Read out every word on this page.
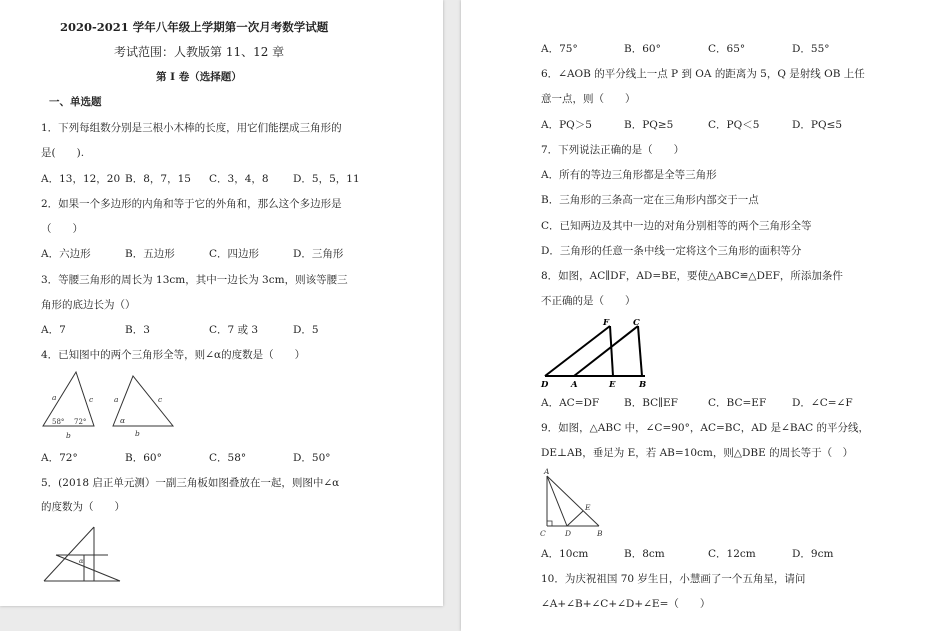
2020-2021 学年八年级上学期第一次月考数学试题
考试范围：人教版第 11、12 章
第 I 卷（选择题）
一、单选题
1．下列每组数分别是三根小木棒的长度，用它们能摆成三角形的
是(　　).
A．13，12，20 B．8，7，15 C．3，4，8 D．5，5，11
2．如果一个多边形的内角和等于它的外角和，那么这个多边形是
（　　）
A．六边形	B．五边形	C．四边形	D．三角形
3．等腰三角形的周长为 13cm，其中一边长为 3cm，则该等腰三
角形的底边长为（）
A．7	B．3	C．7 或 3	D．5
4．已知图中的两个三角形全等，则∠α的度数是（　　）
a	c
b
58° 72°
a
α
c
b
A．72°	B．60°	C．58°	D．50°
5．(2018 启正单元测）一副三角板如图叠放在一起，则图中∠α
的度数为（　　）
α
A．75°	B．60°	C．65°	D．55°
6．∠AOB 的平分线上一点 P 到 OA 的距离为 5，Q 是射线 OB 上任
意一点，则（　　）
A．PQ＞5	B．PQ≥5	C．PQ＜5	D．PQ≤5
7．下列说法正确的是（　　）
A．所有的等边三角形都是全等三角形
B．三角形的三条高一定在三角形内部交于一点
C．已知两边及其中一边的对角分别相等的两个三角形全等
D．三角形的任意一条中线一定将这个三角形的面积等分
8．如图，AC∥DF，AD=BE，要使△ABC≌△DEF，所添加条件
不正确的是（　　）
F	C
D	A	E	B
A．AC=DF B．BC∥EF	C．BC=EF D．∠C=∠F
9．如图，△ABC 中，∠C=90°，AC=BC，AD 是∠BAC 的平分线，
DE⊥AB，垂足为 E，若 AB=10cm，则△DBE 的周长等于（　）
A
C	D
E
B
A．10cm	B．8cm	C．12cm	D．9cm
10．为庆祝祖国 70 岁生日，小慧画了一个五角星，请问
∠A+∠B+∠C+∠D+∠E=（　　）
